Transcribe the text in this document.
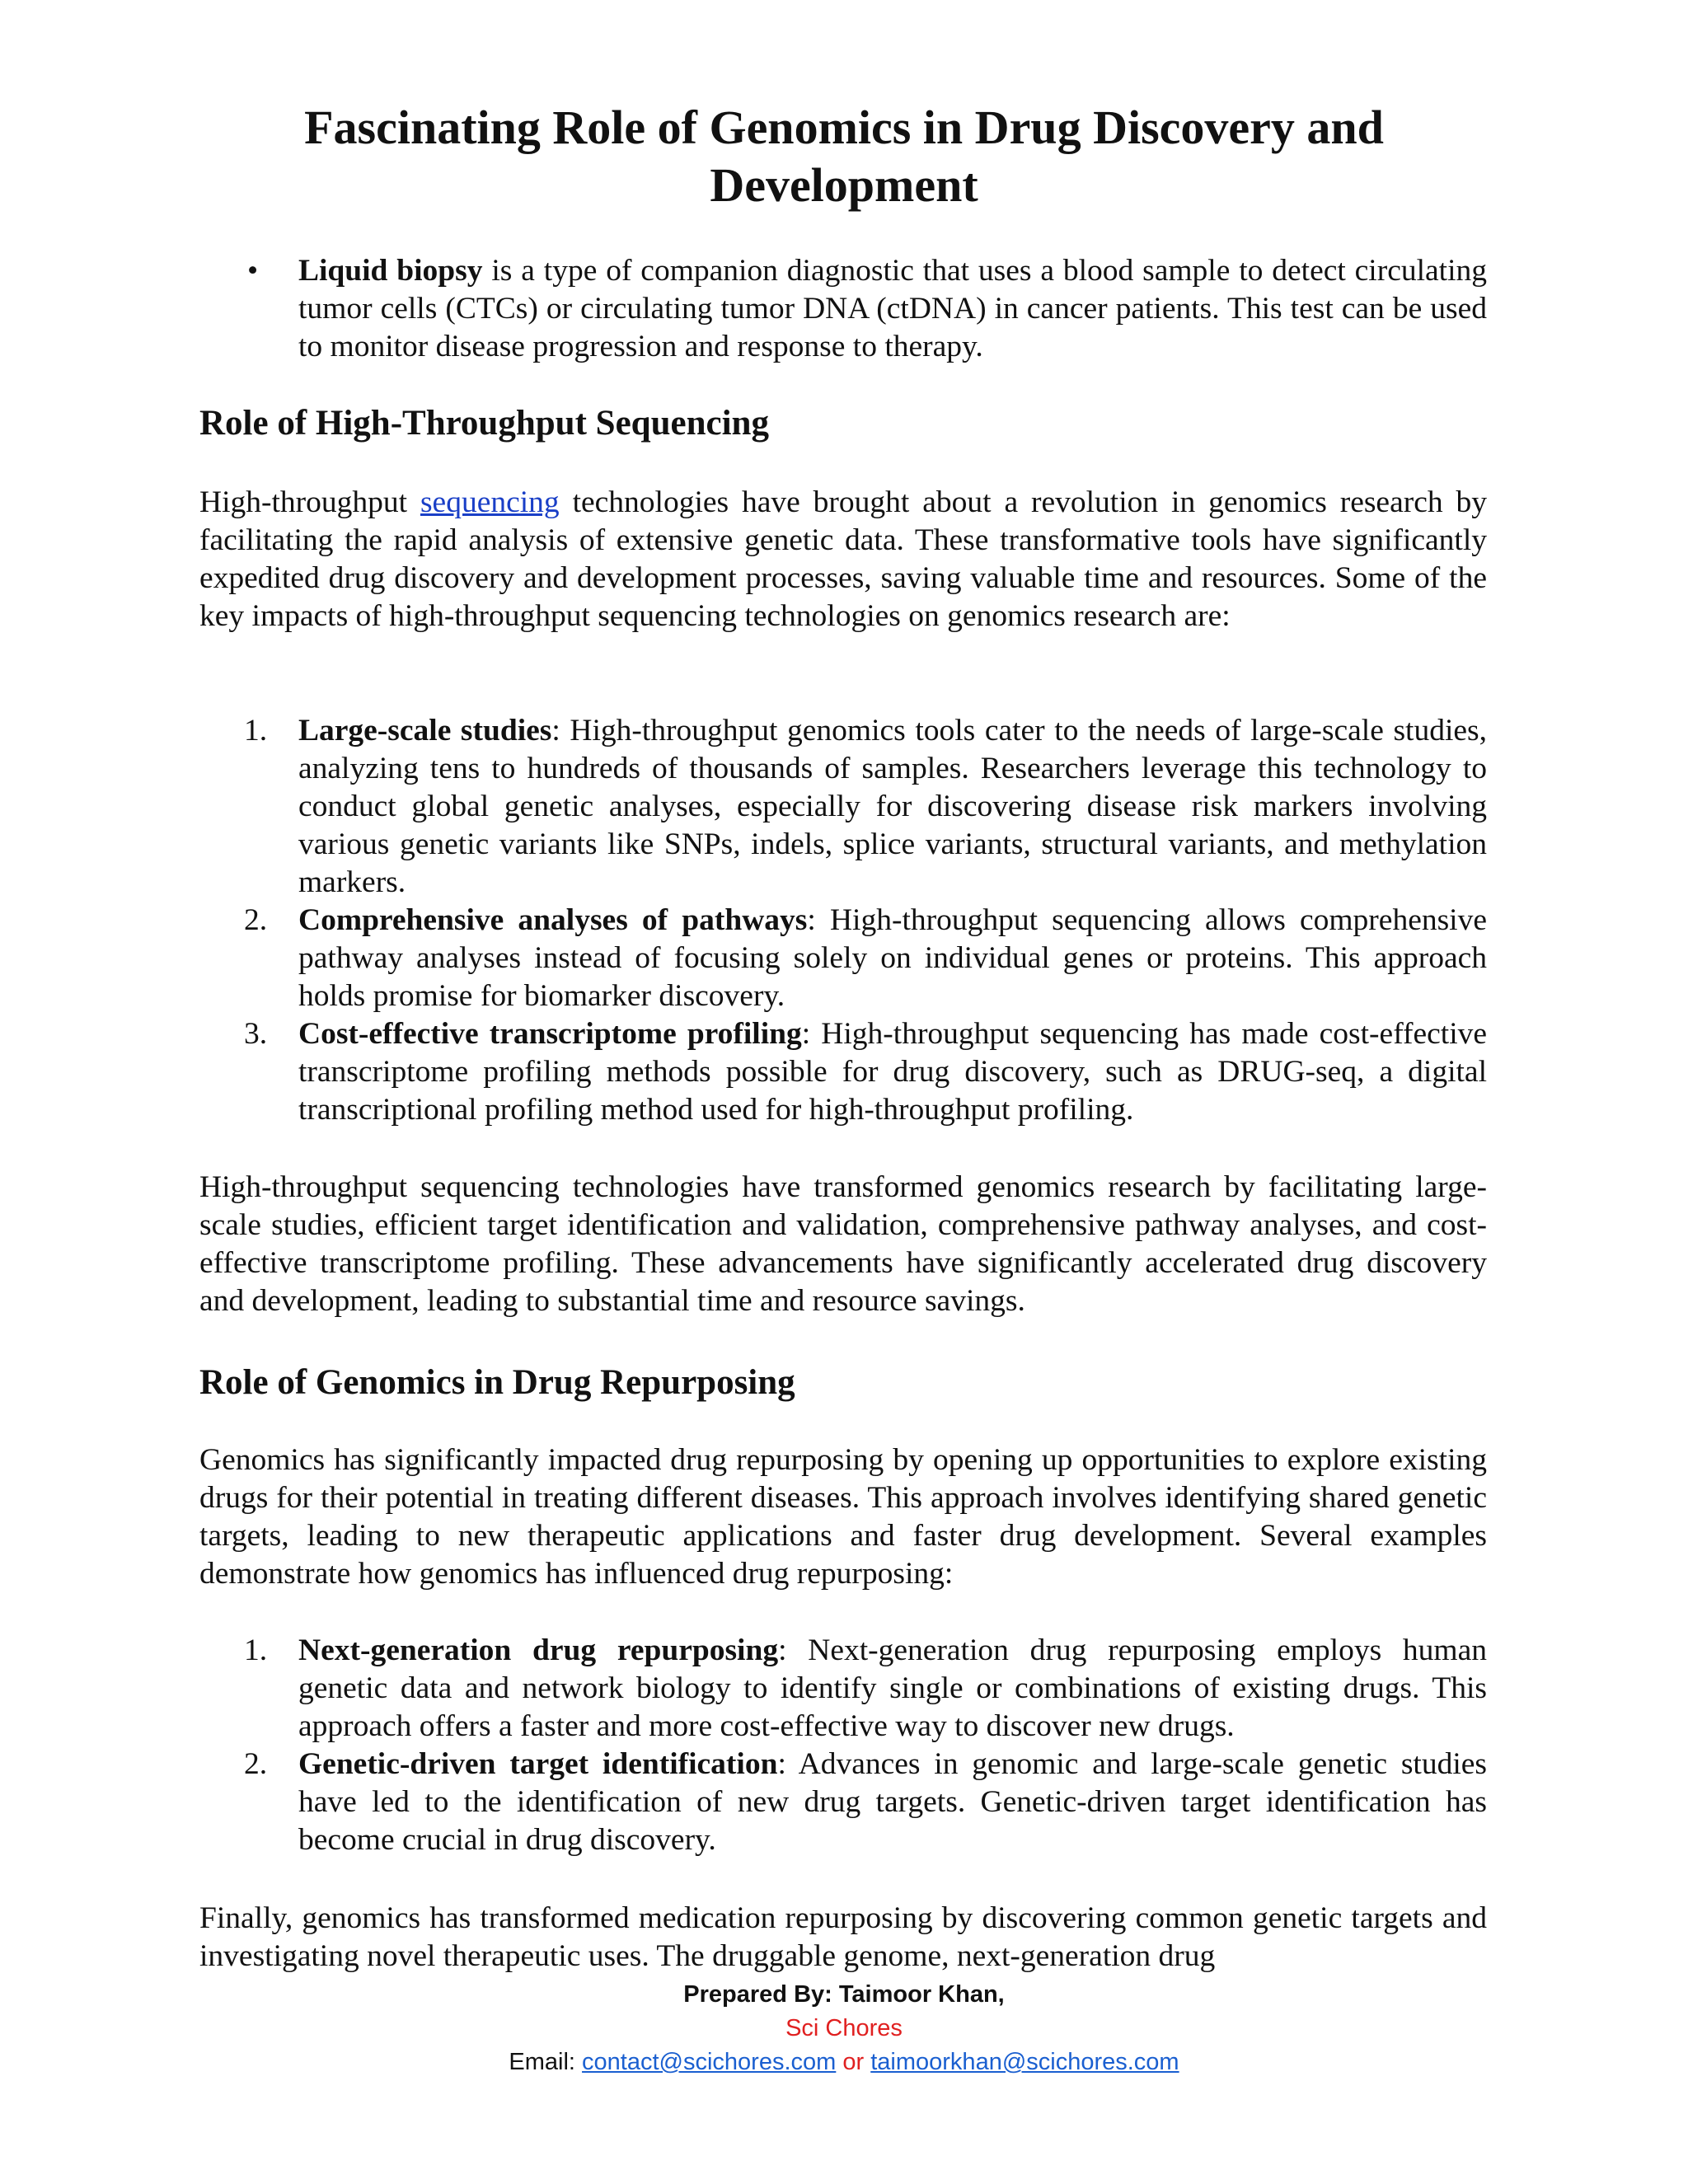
Fascinating Role of Genomics in Drug Discovery and Development
•	Liquid biopsy is a type of companion diagnostic that uses a blood sample to detect circulating tumor cells (CTCs) or circulating tumor DNA (ctDNA) in cancer patients. This test can be used to monitor disease progression and response to therapy.
Role of High-Throughput Sequencing

High-throughput sequencing technologies have brought about a revolution in genomics research by facilitating the rapid analysis of extensive genetic data. These transformative tools have significantly expedited drug discovery and development processes, saving valuable time and resources. Some of the key impacts of high-throughput sequencing technologies on genomics research are:

1.	Large-scale studies: High-throughput genomics tools cater to the needs of large-scale studies, analyzing tens to hundreds of thousands of samples. Researchers leverage this technology to conduct global genetic analyses, especially for discovering disease risk markers involving various genetic variants like SNPs, indels, splice variants, structural variants, and methylation markers.
2.	Comprehensive analyses of pathways: High-throughput sequencing allows comprehensive pathway analyses instead of focusing solely on individual genes or proteins. This approach holds promise for biomarker discovery.
3.	Cost-effective transcriptome profiling: High-throughput sequencing has made cost-effective transcriptome profiling methods possible for drug discovery, such as DRUG-seq, a digital transcriptional profiling method used for high-throughput profiling.

High-throughput sequencing technologies have transformed genomics research by facilitating large-scale studies, efficient target identification and validation, comprehensive pathway analyses, and cost-effective transcriptome profiling. These advancements have significantly accelerated drug discovery and development, leading to substantial time and resource savings.

Role of Genomics in Drug Repurposing

Genomics has significantly impacted drug repurposing by opening up opportunities to explore existing drugs for their potential in treating different diseases. This approach involves identifying shared genetic targets, leading to new therapeutic applications and faster drug development. Several examples demonstrate how genomics has influenced drug repurposing:

1.	Next-generation drug repurposing: Next-generation drug repurposing employs human genetic data and network biology to identify single or combinations of existing drugs. This approach offers a faster and more cost-effective way to discover new drugs.
2.	Genetic-driven target identification: Advances in genomic and large-scale genetic studies have led to the identification of new drug targets. Genetic-driven target identification has become crucial in drug discovery.

Finally, genomics has transformed medication repurposing by discovering common genetic targets and investigating novel therapeutic uses. The druggable genome, next-generation drug

Prepared By: Taimoor Khan,
Sci Chores
Email: contact@scichores.com or taimoorkhan@scichores.com
